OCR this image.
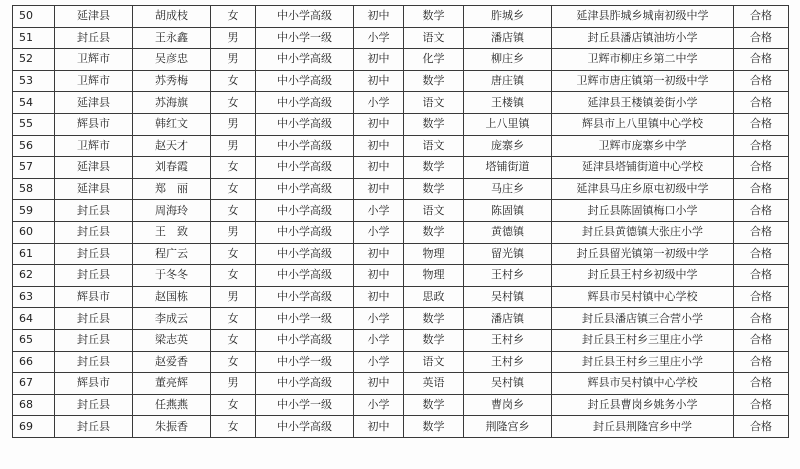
50	延津县	胡成枝	女	中小学高级	初中	数学	胙城乡	延津县胙城乡城南初级中学	合格
51	封丘县	王永鑫	男	中小学一级	小学	语文	潘店镇	封丘县潘店镇油坊小学	合格
52	卫辉市	吴彦忠	男	中小学高级	初中	化学	柳庄乡	卫辉市柳庄乡第二中学	合格
53	卫辉市	苏秀梅	女	中小学高级	初中	数学	唐庄镇	卫辉市唐庄镇第一初级中学	合格
54	延津县	苏海旗	女	中小学高级	小学	语文	王楼镇	延津县王楼镇姜街小学	合格
55	辉县市	韩红文	男	中小学高级	初中	数学	上八里镇	辉县市上八里镇中心学校	合格
56	卫辉市	赵天才	男	中小学高级	初中	语文	庞寨乡	卫辉市庞寨乡中学	合格
57	延津县	刘春霞	女	中小学高级	初中	数学	塔铺街道	延津县塔铺街道中心学校	合格
58	延津县	郑　丽	女	中小学高级	初中	数学	马庄乡	延津县马庄乡原屯初级中学	合格
59	封丘县	周海玲	女	中小学高级	小学	语文	陈固镇	封丘县陈固镇梅口小学	合格
60	封丘县	王　致	男	中小学高级	小学	数学	黄德镇	封丘县黄德镇大张庄小学	合格
61	封丘县	程广云	女	中小学高级	初中	物理	留光镇	封丘县留光镇第一初级中学	合格
62	封丘县	于冬冬	女	中小学高级	初中	物理	王村乡	封丘县王村乡初级中学	合格
63	辉县市	赵国栋	男	中小学高级	初中	思政	吴村镇	辉县市吴村镇中心学校	合格
64	封丘县	李成云	女	中小学一级	小学	数学	潘店镇	封丘县潘店镇三合营小学	合格
65	封丘县	梁志英	女	中小学高级	小学	数学	王村乡	封丘县王村乡三里庄小学	合格
66	封丘县	赵爱香	女	中小学一级	小学	语文	王村乡	封丘县王村乡三里庄小学	合格
67	辉县市	董亮辉	男	中小学高级	初中	英语	吴村镇	辉县市吴村镇中心学校	合格
68	封丘县	任燕燕	女	中小学一级	小学	数学	曹岗乡	封丘县曹岗乡姚务小学	合格
69	封丘县	朱振香	女	中小学高级	初中	数学	荆隆宫乡	封丘县荆隆宫乡中学	合格
